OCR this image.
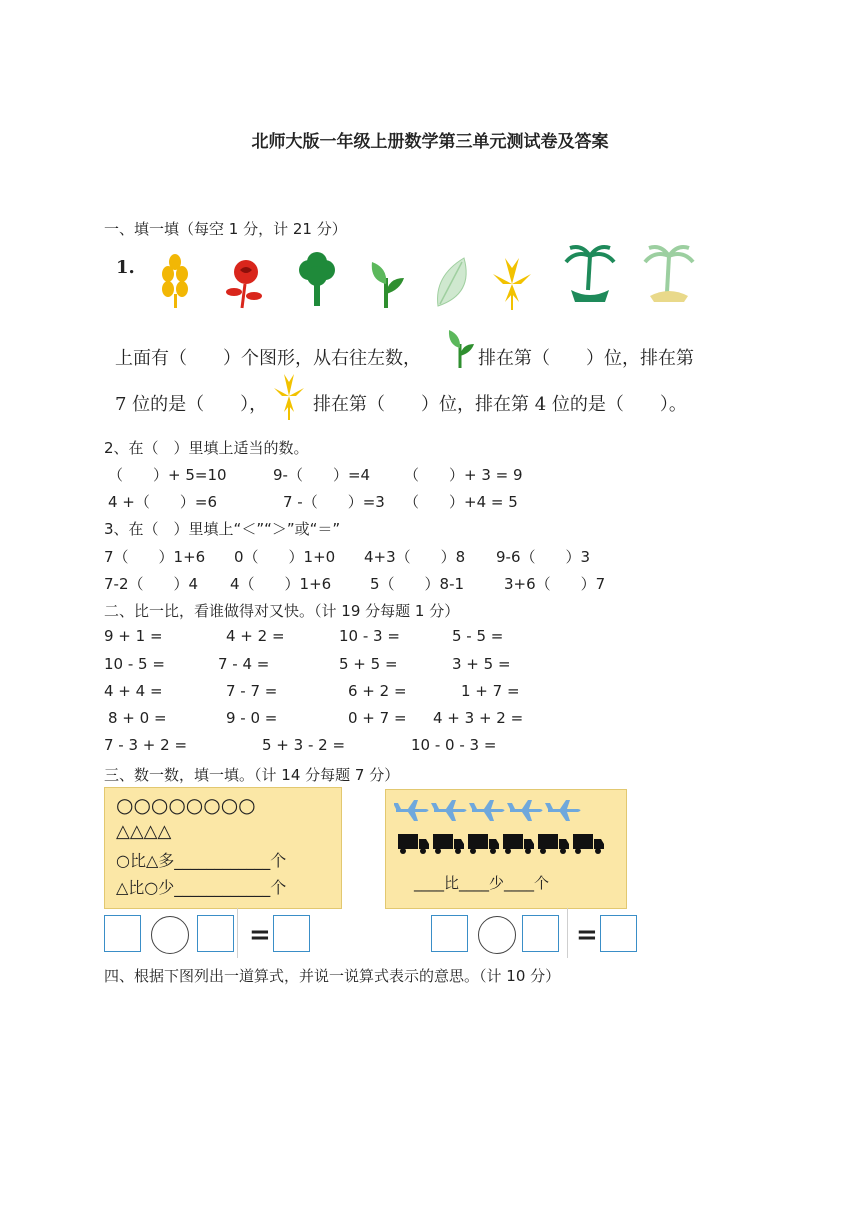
北师大版一年级上册数学第三单元测试卷及答案
一、填一填（每空 1 分，计 21 分）
1.
上面有（　　）个图形，从右往左数，	排在第（　　）位，排在第
7 位的是（　　），	排在第（　　）位，排在第 4 位的是（　　）。
2、在（　）里填上适当的数。
（　　）+ 5=10	9-（　　）=4 （　　）+ 3 = 9
4 +（　　）=6	7 -（　　）=3 （　　）+4 = 5
3、在（　）里填上“＜”“＞”或“＝”
7（　　）1+6 0（　　）1+0 4+3（　　）8 9-6（　　）3
7-2（　　）4 4（　　）1+6	5（　　）8-1	3+6（　　）7
二、比一比，看谁做得对又快。（计 19 分每题 1 分）
9 + 1 =	4 + 2 =	10 - 3 =	5 - 5 =
10 - 5 =	7 - 4 =	5 + 5 =	3 + 5 =
4 + 4 =	7 - 7 =	6 + 2 =	1 + 7 =
8 + 0 =	9 - 0 =	0 + 7 = 4 + 3 + 2 =
7 - 3 + 2 =	5 + 3 - 2 =	10 - 0 - 3 =
三、数一数，填一填。（计 14 分每题 7 分）
○○○○○○○○
△△△△
○比△多____________个
△比○少____________个	____比____少____个
=	=
四、根据下图列出一道算式，并说一说算式表示的意思。（计 10 分）
